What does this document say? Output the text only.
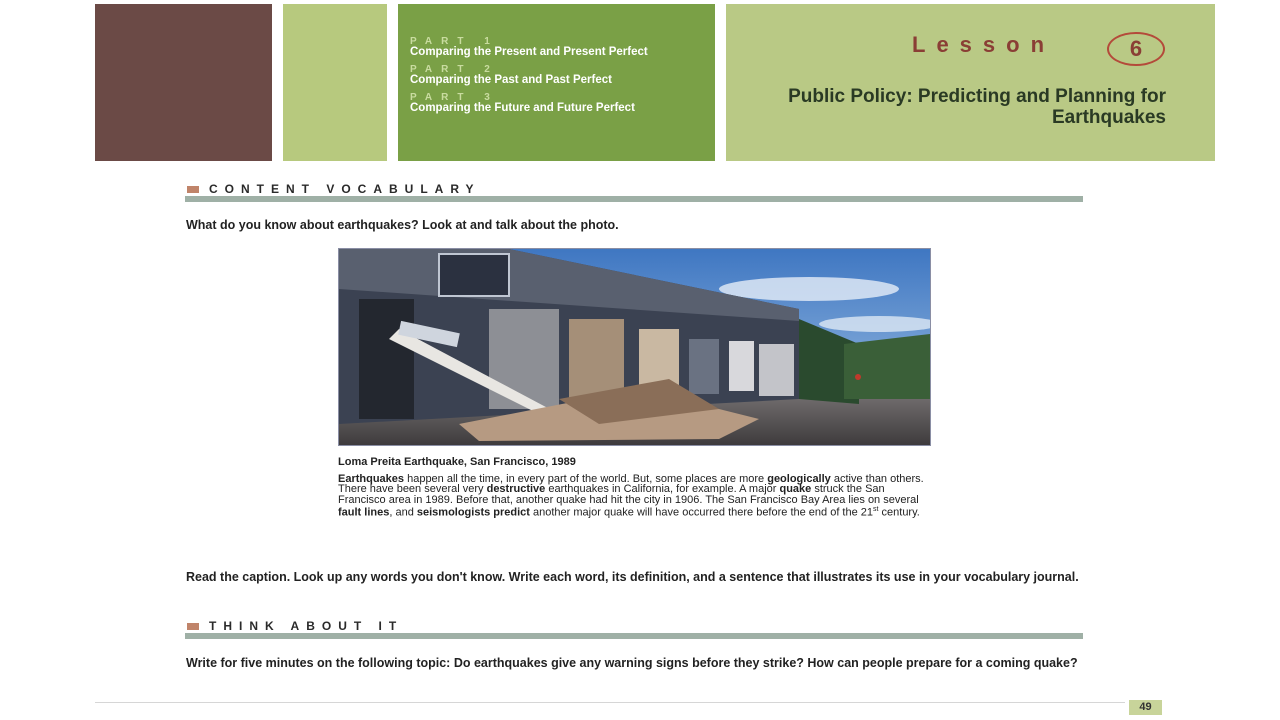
PART 1
Comparing the Present and Present Perfect
PART 2
Comparing the Past and Past Perfect
PART 3
Comparing the Future and Future Perfect
Lesson	6
Public Policy: Predicting and Planning for Earthquakes
CONTENT VOCABULARY
What do you know about earthquakes? Look at and talk about the photo.
Loma Preita Earthquake, San Francisco, 1989
Earthquakes happen all the time, in every part of the world. But, some places are more geologically active than others. There have been several very destructive earthquakes in California, for example. A major quake struck the San Francisco area in 1989. Before that, another quake had hit the city in 1906. The San Francisco Bay Area lies on several fault lines, and seismologists predict another major quake will have occurred there before the end of the 21st century.
Read the caption. Look up any words you don't know. Write each word, its definition, and a sentence that illustrates its use in your vocabulary journal.
THINK ABOUT IT
Write for five minutes on the following topic: Do earthquakes give any warning signs before they strike? How can people prepare for a coming quake?
49
